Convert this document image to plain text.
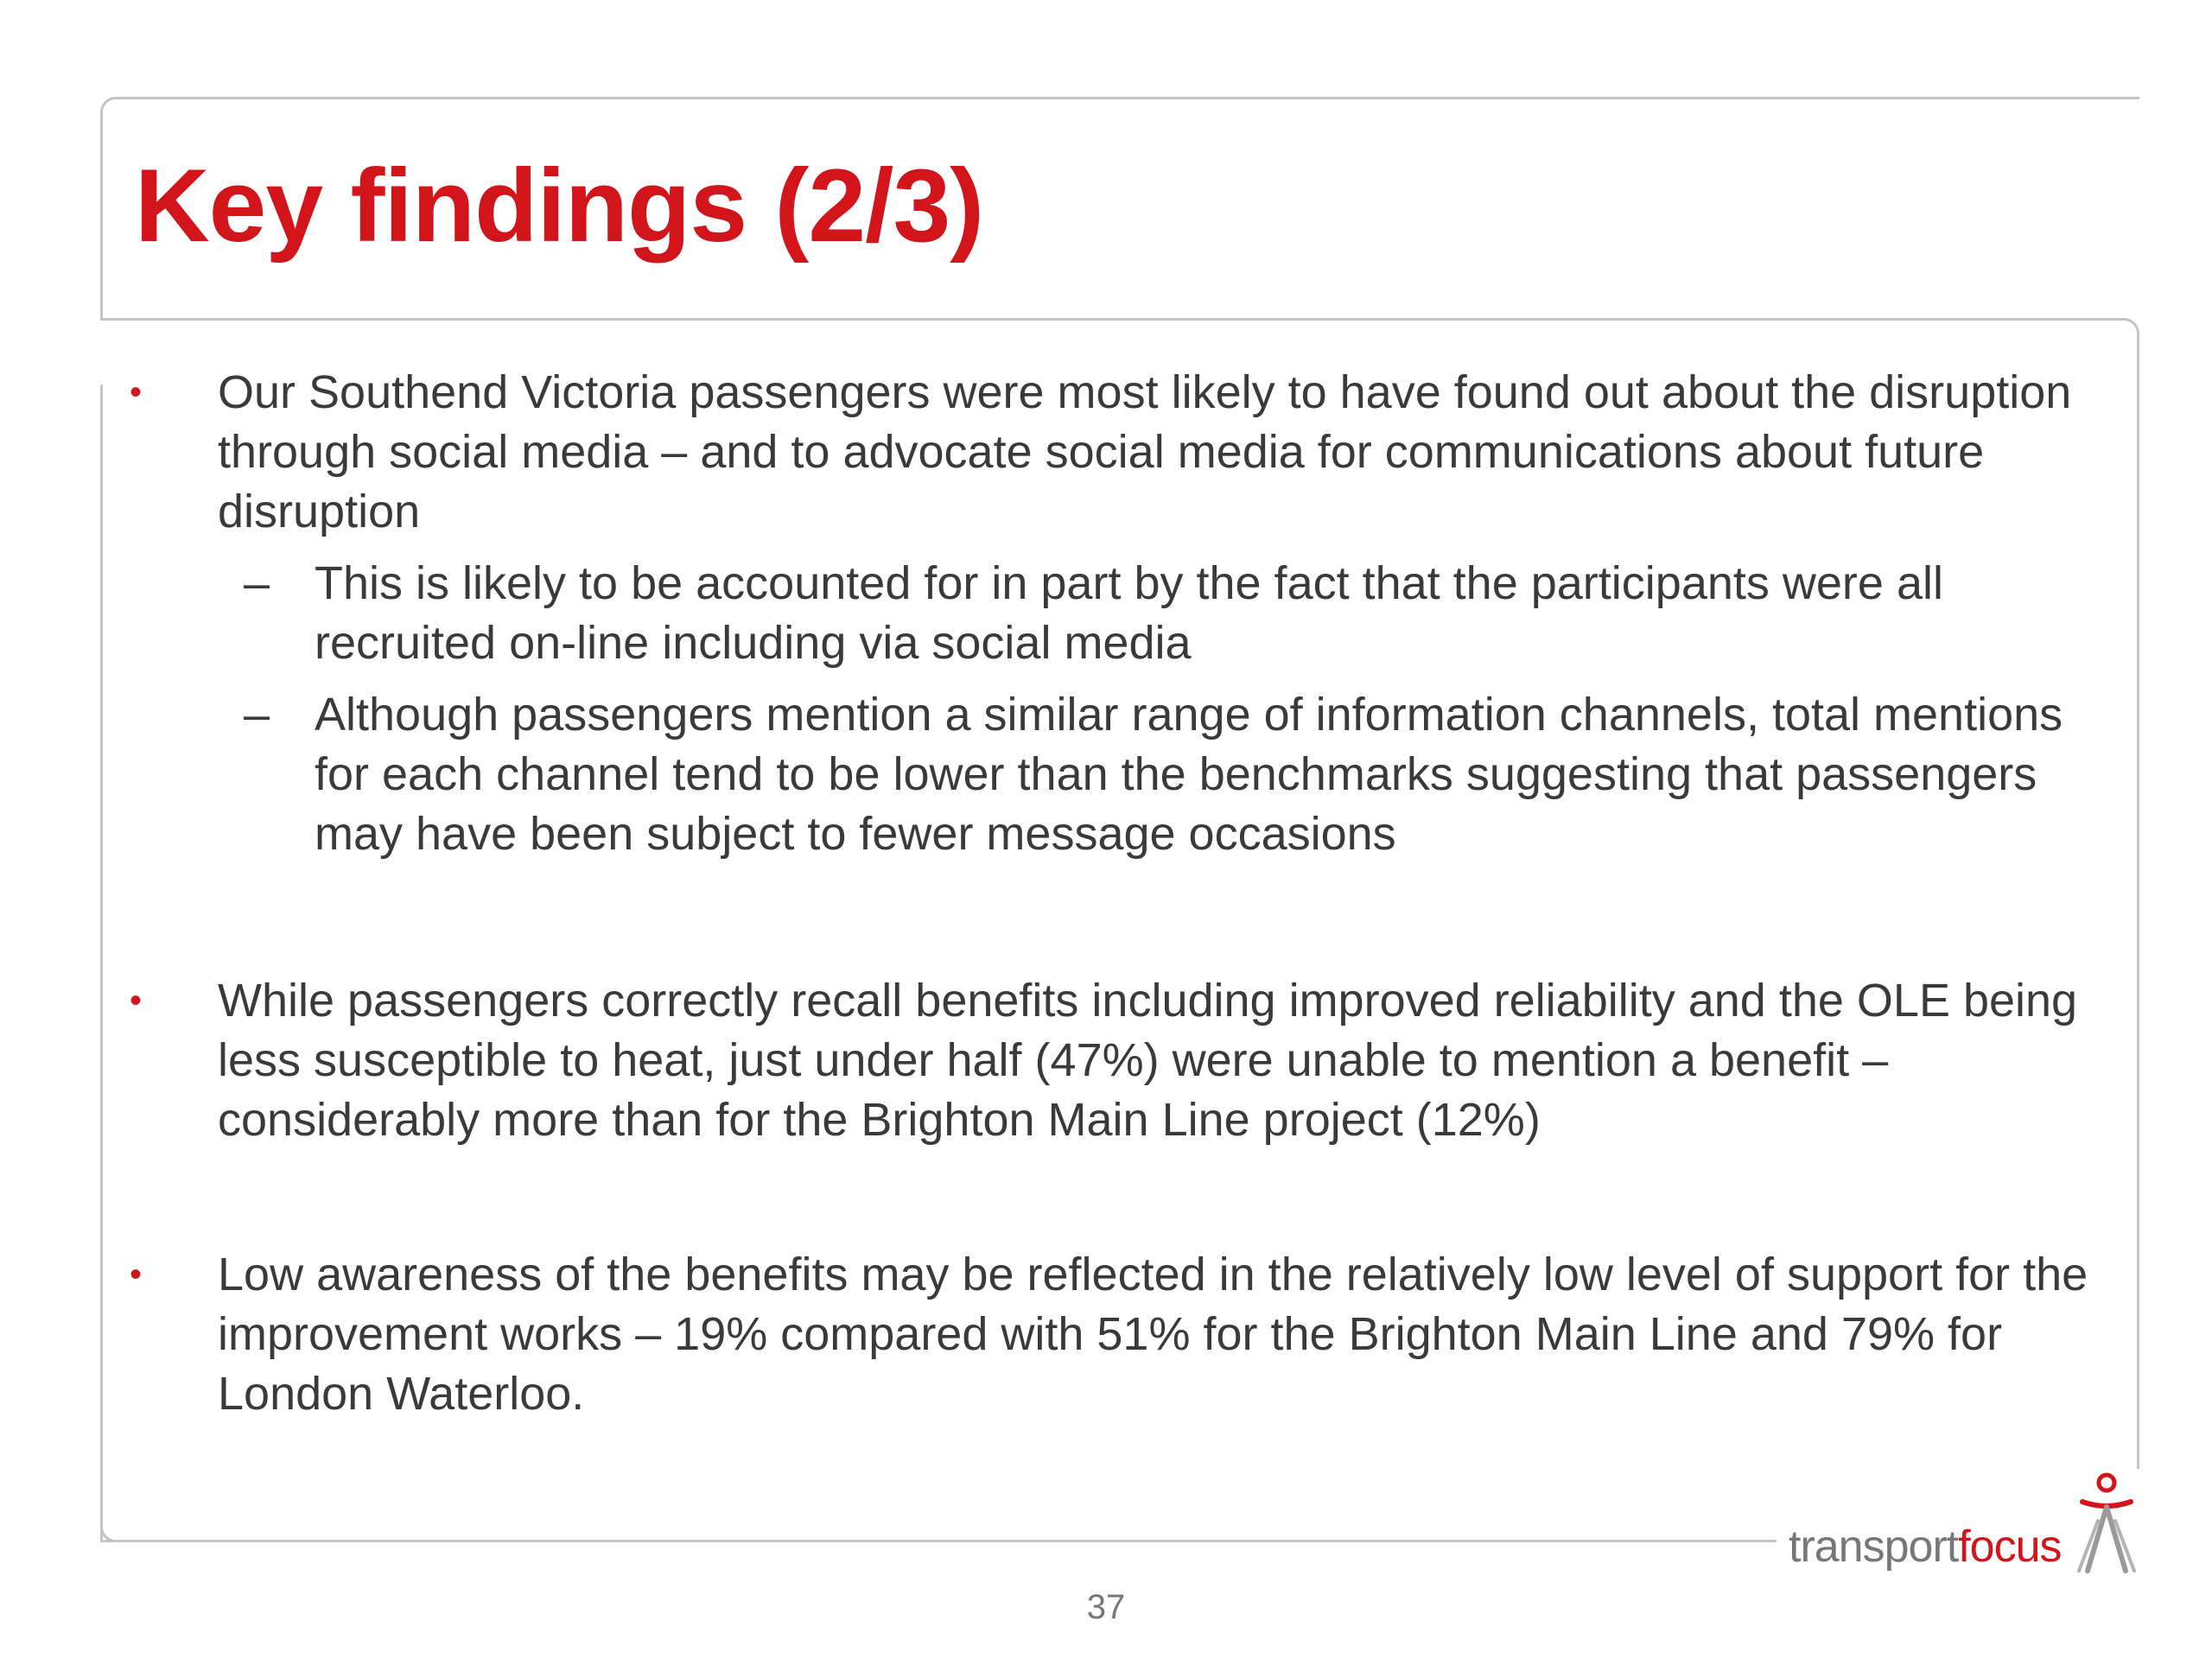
Key findings (2/3)
•	Our Southend Victoria passengers were most likely to have found out about the disruption through social media – and to advocate social media for communications about future disruption
– This is likely to be accounted for in part by the fact that the participants were all recruited on-line including via social media
– Although passengers mention a similar range of information channels, total mentions for each channel tend to be lower than the benchmarks suggesting that passengers may have been subject to fewer message occasions
•	While passengers correctly recall benefits including improved reliability and the OLE being less susceptible to heat, just under half (47%) were unable to mention a benefit – considerably more than for the Brighton Main Line project (12%)
•	Low awareness of the benefits may be reflected in the relatively low level of support for the improvement works – 19% compared with 51% for the Brighton Main Line and 79% for London Waterloo.
37
transportfocus
